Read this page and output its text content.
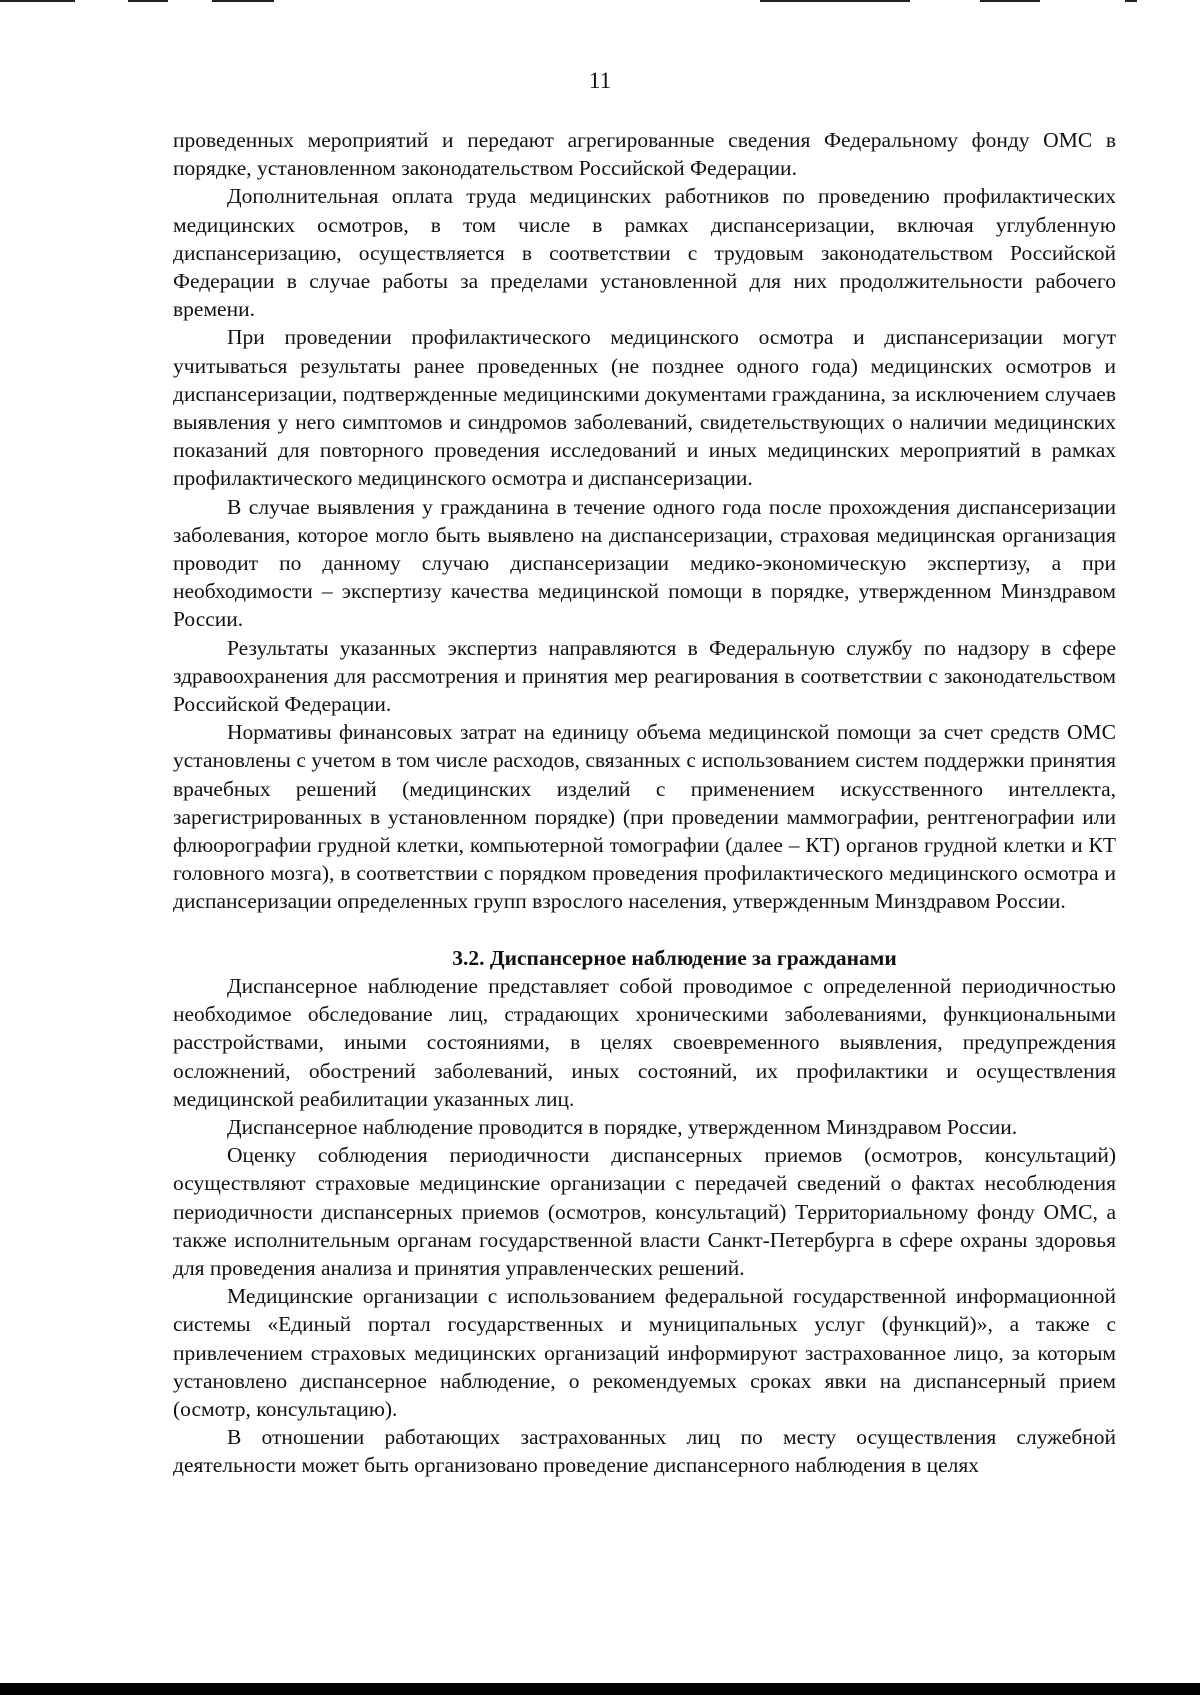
11

проведенных мероприятий и передают агрегированные сведения Федеральному фонду ОМС в порядке, установленном законодательством Российской Федерации.

Дополнительная оплата труда медицинских работников по проведению профилактических медицинских осмотров, в том числе в рамках диспансеризации, включая углубленную диспансеризацию, осуществляется в соответствии с трудовым законодательством Российской Федерации в случае работы за пределами установленной для них продолжительности рабочего времени.

При проведении профилактического медицинского осмотра и диспансеризации могут учитываться результаты ранее проведенных (не позднее одного года) медицинских осмотров и диспансеризации, подтвержденные медицинскими документами гражданина, за исключением случаев выявления у него симптомов и синдромов заболеваний, свидетельствующих о наличии медицинских показаний для повторного проведения исследований и иных медицинских мероприятий в рамках профилактического медицинского осмотра и диспансеризации.

В случае выявления у гражданина в течение одного года после прохождения диспансеризации заболевания, которое могло быть выявлено на диспансеризации, страховая медицинская организация проводит по данному случаю диспансеризации медико-экономическую экспертизу, а при необходимости – экспертизу качества медицинской помощи в порядке, утвержденном Минздравом России.

Результаты указанных экспертиз направляются в Федеральную службу по надзору в сфере здравоохранения для рассмотрения и принятия мер реагирования в соответствии с законодательством Российской Федерации.

Нормативы финансовых затрат на единицу объема медицинской помощи за счет средств ОМС установлены с учетом в том числе расходов, связанных с использованием систем поддержки принятия врачебных решений (медицинских изделий с применением искусственного интеллекта, зарегистрированных в установленном порядке) (при проведении маммографии, рентгенографии или флюорографии грудной клетки, компьютерной томографии (далее – КТ) органов грудной клетки и КТ головного мозга), в соответствии с порядком проведения профилактического медицинского осмотра и диспансеризации определенных групп взрослого населения, утвержденным Минздравом России.

3.2. Диспансерное наблюдение за гражданами

Диспансерное наблюдение представляет собой проводимое с определенной периодичностью необходимое обследование лиц, страдающих хроническими заболеваниями, функциональными расстройствами, иными состояниями, в целях своевременного выявления, предупреждения осложнений, обострений заболеваний, иных состояний, их профилактики и осуществления медицинской реабилитации указанных лиц.

Диспансерное наблюдение проводится в порядке, утвержденном Минздравом России.

Оценку соблюдения периодичности диспансерных приемов (осмотров, консультаций) осуществляют страховые медицинские организации с передачей сведений о фактах несоблюдения периодичности диспансерных приемов (осмотров, консультаций) Территориальному фонду ОМС, а также исполнительным органам государственной власти Санкт-Петербурга в сфере охраны здоровья для проведения анализа и принятия управленческих решений.

Медицинские организации с использованием федеральной государственной информационной системы «Единый портал государственных и муниципальных услуг (функций)», а также с привлечением страховых медицинских организаций информируют застрахованное лицо, за которым установлено диспансерное наблюдение, о рекомендуемых сроках явки на диспансерный прием (осмотр, консультацию).

В отношении работающих застрахованных лиц по месту осуществления служебной деятельности может быть организовано проведение диспансерного наблюдения в целях
